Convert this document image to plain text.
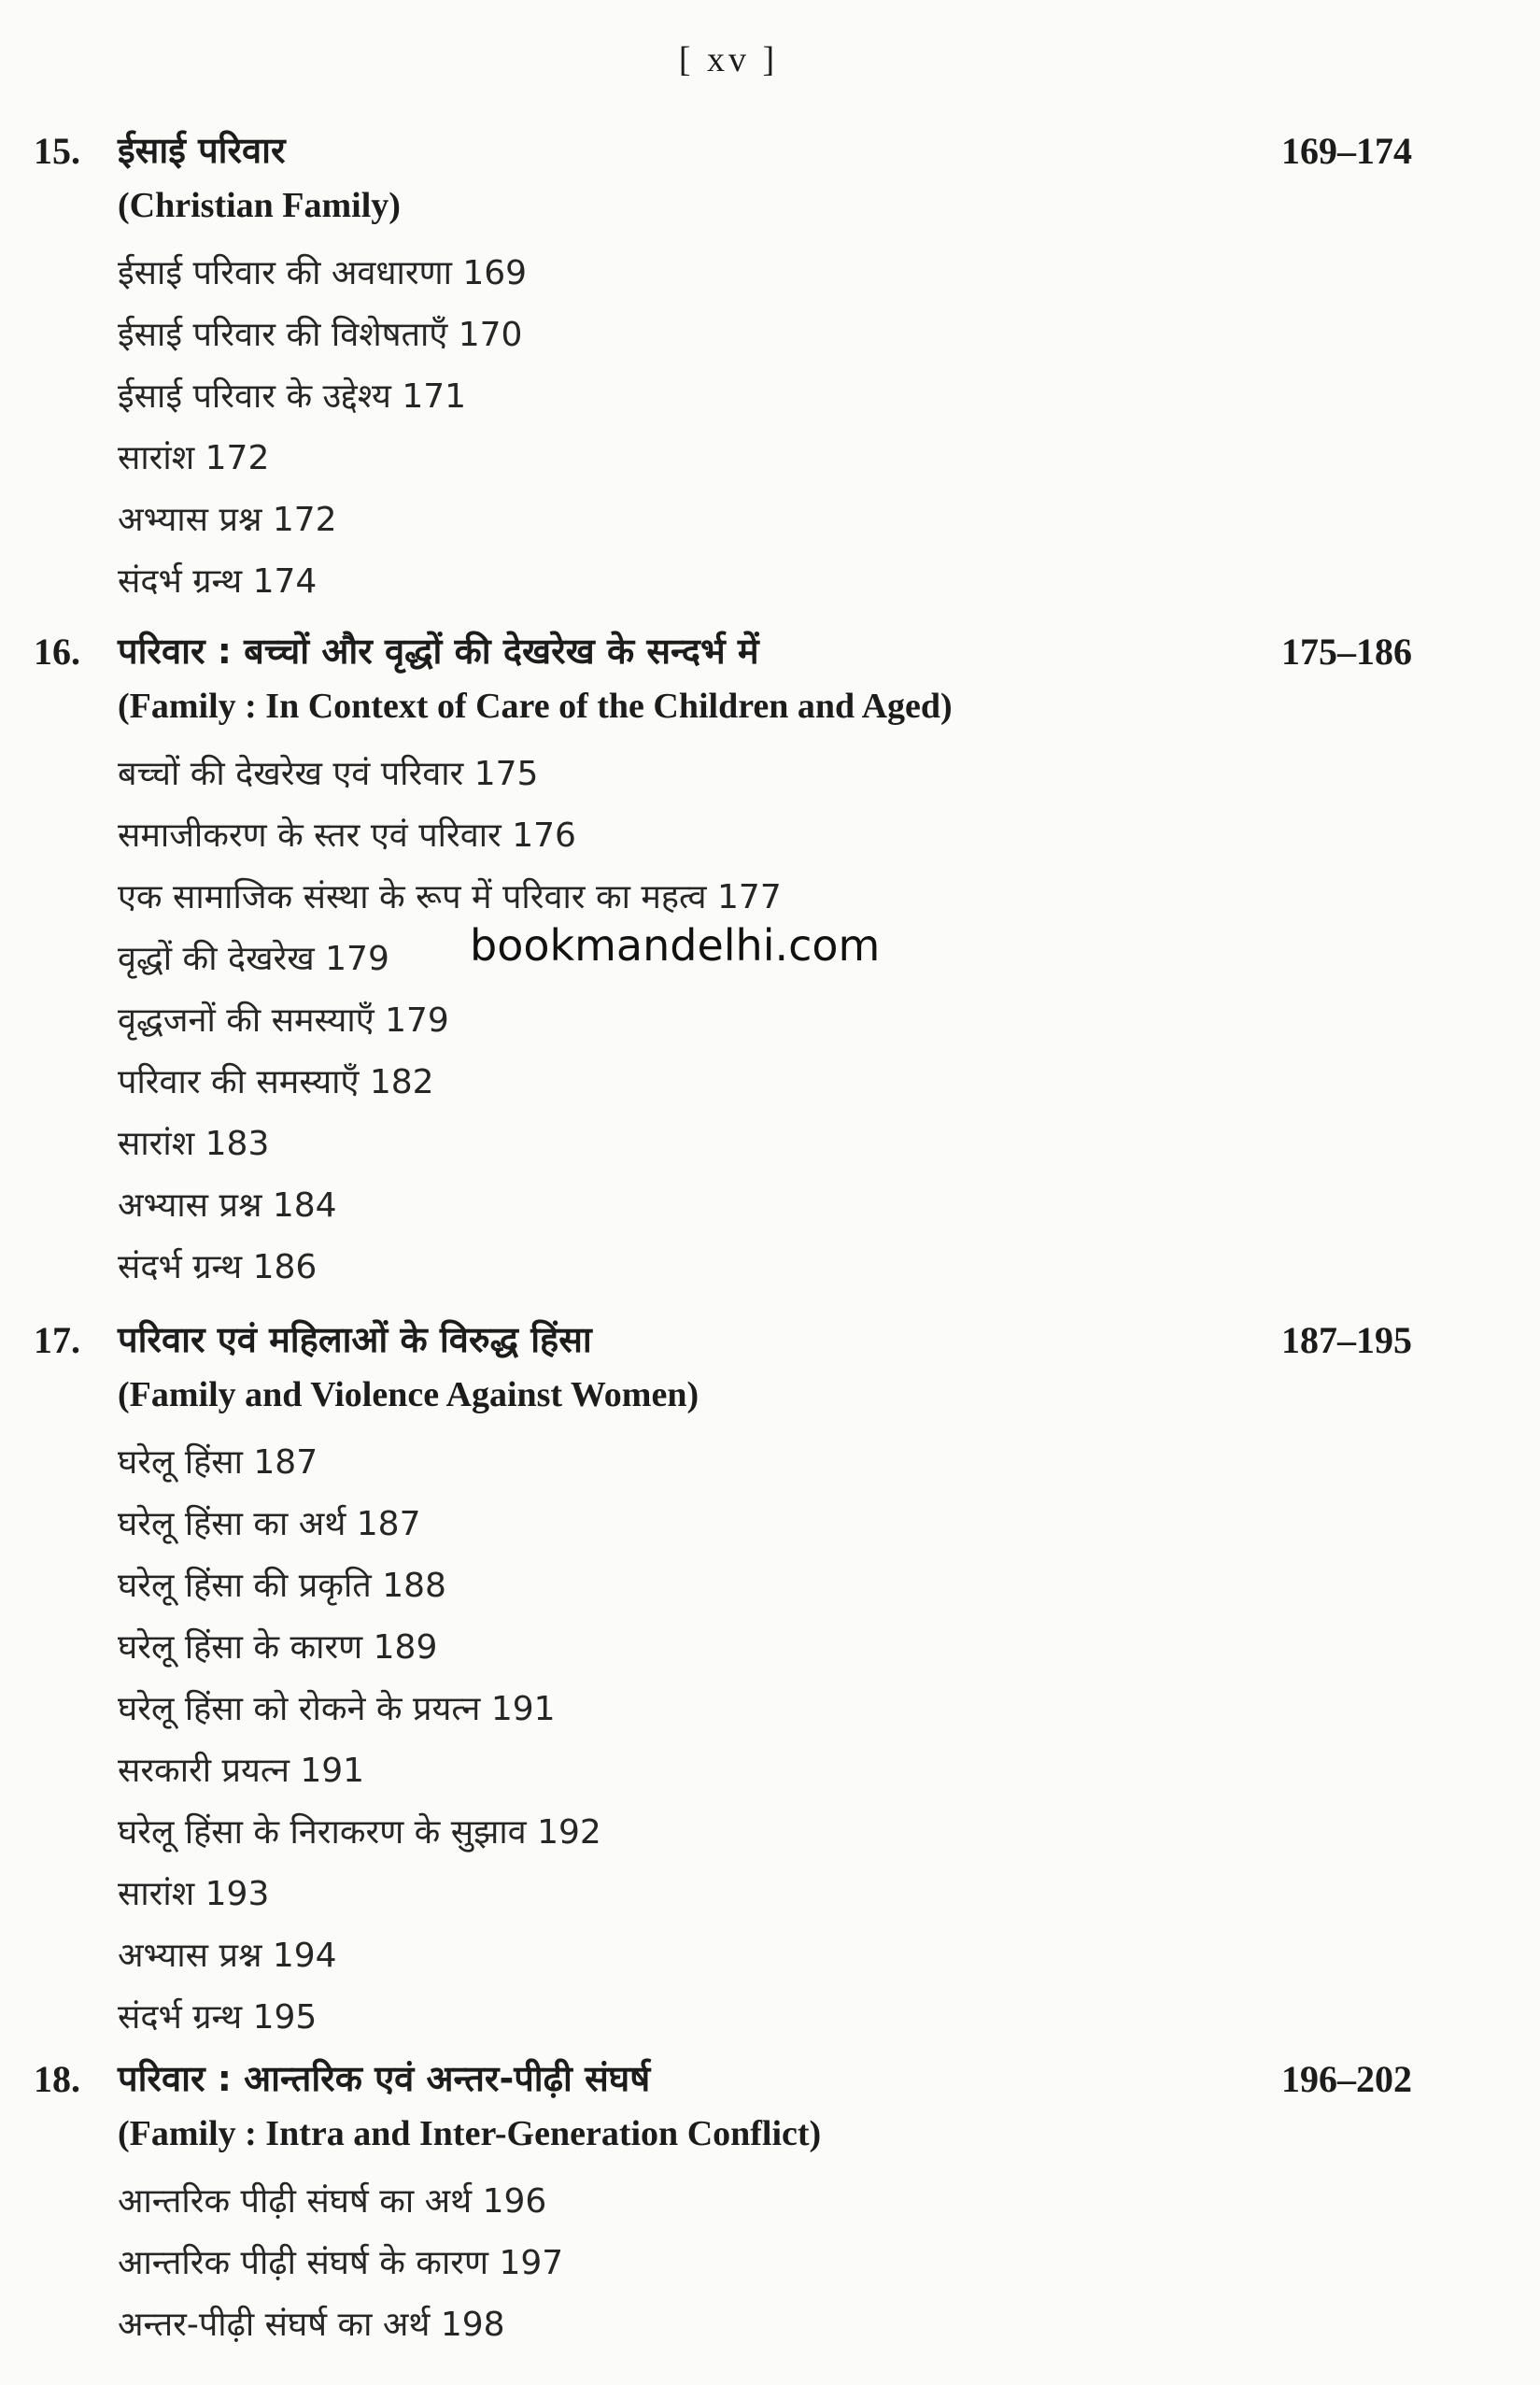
[ xv ]
15. ईसाई परिवार	169–174
(Christian Family)
ईसाई परिवार की अवधारणा 169
ईसाई परिवार की विशेषताएँ 170
ईसाई परिवार के उद्देश्य 171
सारांश 172
अभ्यास प्रश्न 172
संदर्भ ग्रन्थ 174
16. परिवार : बच्चों और वृद्धों की देखरेख के सन्दर्भ में	175–186
(Family : In Context of Care of the Children and Aged)
बच्चों की देखरेख एवं परिवार 175
समाजीकरण के स्तर एवं परिवार 176
एक सामाजिक संस्था के रूप में परिवार का महत्व 177
वृद्धों की देखरेख 179
वृद्धजनों की समस्याएँ 179
परिवार की समस्याएँ 182
सारांश 183
अभ्यास प्रश्न 184
संदर्भ ग्रन्थ 186
17. परिवार एवं महिलाओं के विरुद्ध हिंसा	187–195
(Family and Violence Against Women)
घरेलू हिंसा 187
घरेलू हिंसा का अर्थ 187
घरेलू हिंसा की प्रकृति 188
घरेलू हिंसा के कारण 189
घरेलू हिंसा को रोकने के प्रयत्न 191
सरकारी प्रयत्न 191
घरेलू हिंसा के निराकरण के सुझाव 192
सारांश 193
अभ्यास प्रश्न 194
संदर्भ ग्रन्थ 195
18. परिवार : आन्तरिक एवं अन्तर-पीढ़ी संघर्ष	196–202
(Family : Intra and Inter-Generation Conflict)
आन्तरिक पीढ़ी संघर्ष का अर्थ 196
आन्तरिक पीढ़ी संघर्ष के कारण 197
अन्तर-पीढ़ी संघर्ष का अर्थ 198
bookmandelhi.com
